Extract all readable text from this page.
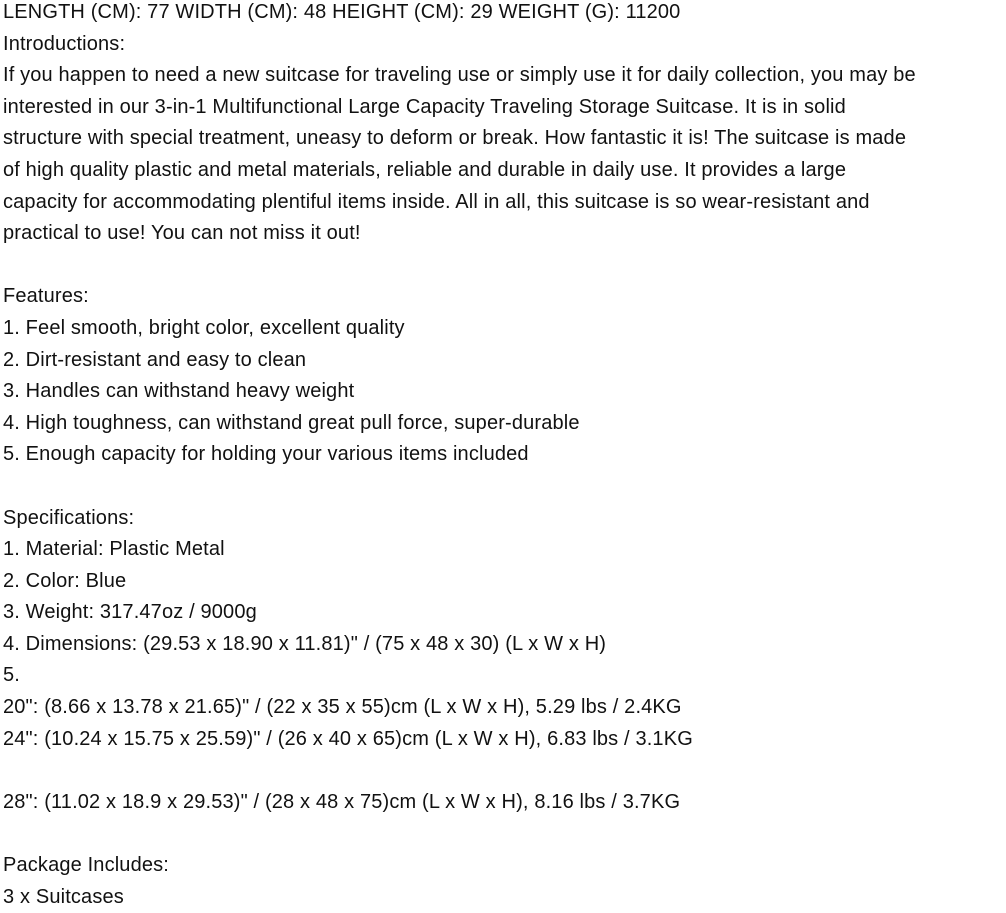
LENGTH (CM): 77 WIDTH (CM): 48 HEIGHT (CM): 29 WEIGHT (G): 11200
Introductions:
If you happen to need a new suitcase for traveling use or simply use it for daily collection, you may be
interested in our 3-in-1 Multifunctional Large Capacity Traveling Storage Suitcase. It is in solid
structure with special treatment, uneasy to deform or break. How fantastic it is! The suitcase is made
of high quality plastic and metal materials, reliable and durable in daily use. It provides a large
capacity for accommodating plentiful items inside. All in all, this suitcase is so wear-resistant and
practical to use! You can not miss it out!
Features:
1. Feel smooth, bright color, excellent quality
2. Dirt-resistant and easy to clean
3. Handles can withstand heavy weight
4. High toughness, can withstand great pull force, super-durable
5. Enough capacity for holding your various items included
Specifications:
1. Material: Plastic Metal
2. Color: Blue
3. Weight: 317.47oz / 9000g
4. Dimensions: (29.53 x 18.90 x 11.81)" / (75 x 48 x 30) (L x W x H)
5.
20": (8.66 x 13.78 x 21.65)" / (22 x 35 x 55)cm (L x W x H), 5.29 lbs / 2.4KG
24": (10.24 x 15.75 x 25.59)" / (26 x 40 x 65)cm (L x W x H), 6.83 lbs / 3.1KG
28": (11.02 x 18.9 x 29.53)" / (28 x 48 x 75)cm (L x W x H), 8.16 lbs / 3.7KG
Package Includes:
3 x Suitcases
